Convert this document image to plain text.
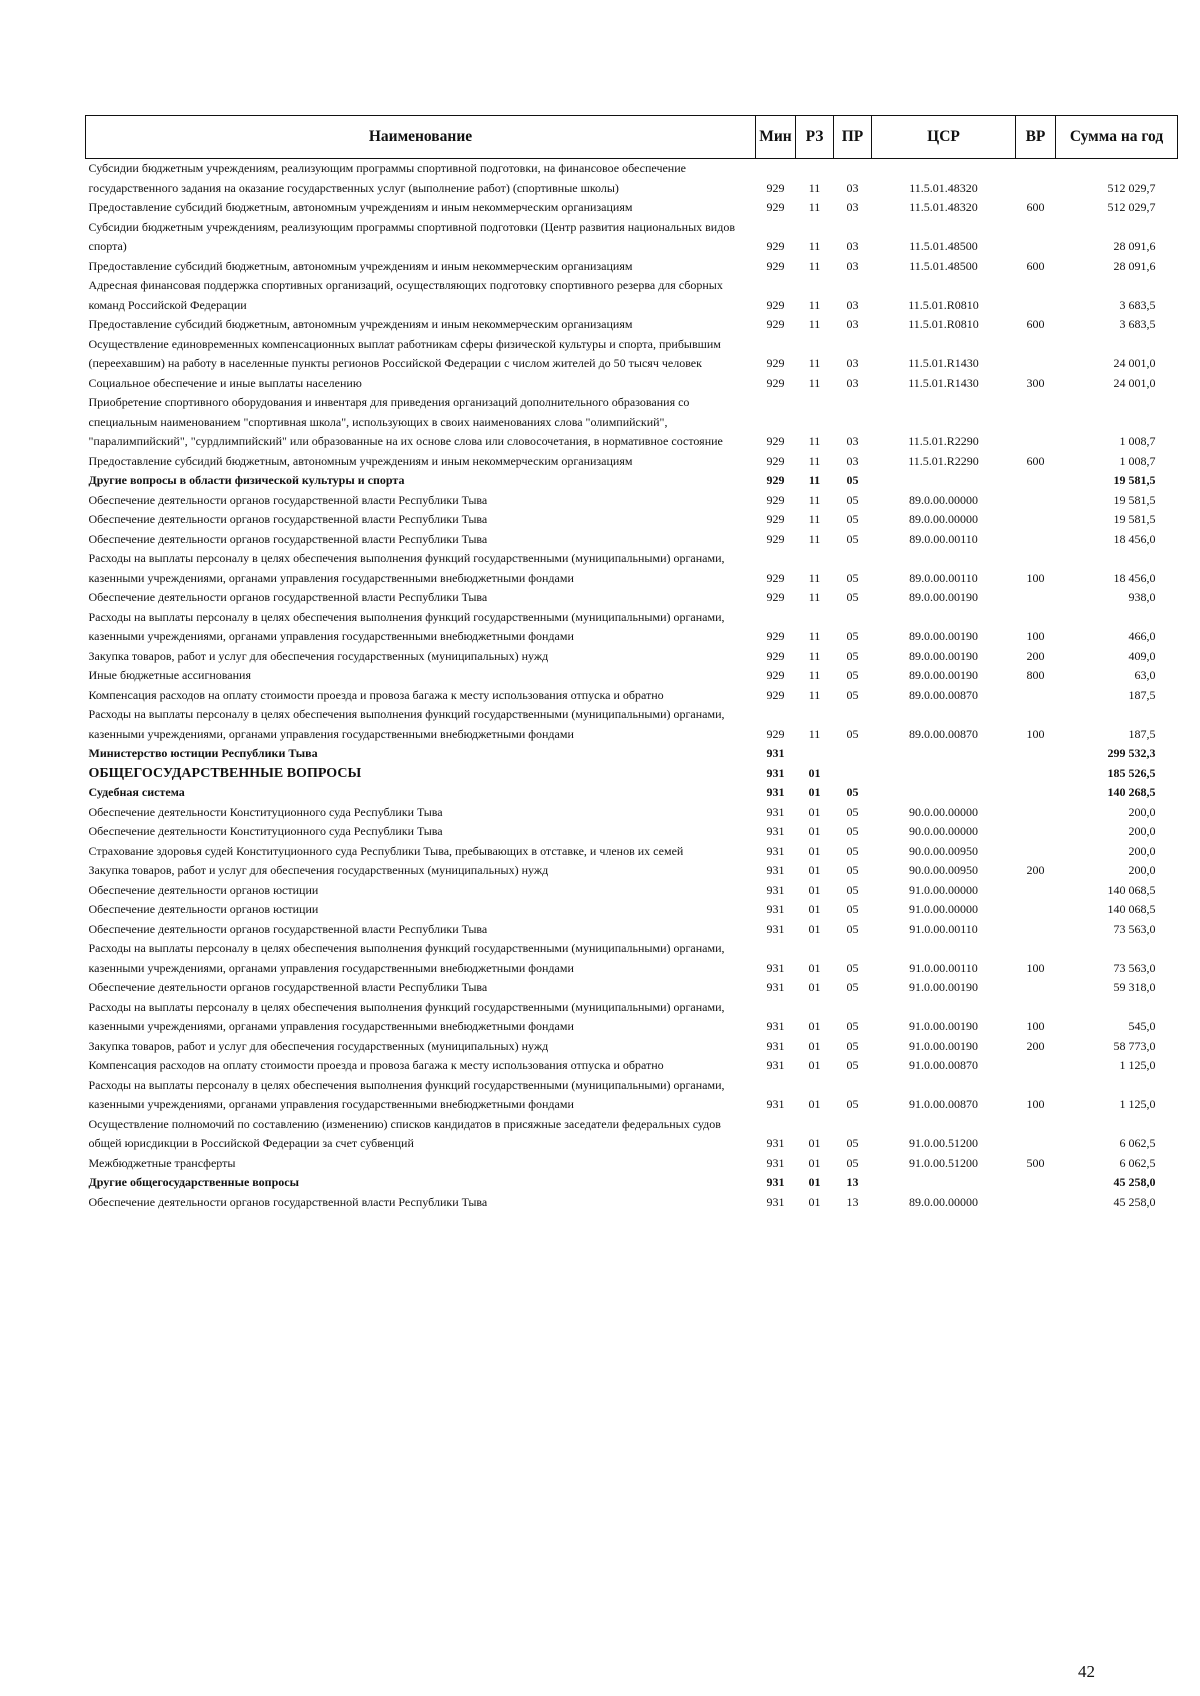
Наименование	Мин	РЗ	ПР	ЦСР	ВР	Сумма на год
Субсидии бюджетным учреждениям, реализующим программы спортивной подготовки, на финансовое обеспечение государственного задания на оказание государственных услуг (выполнение работ) (спортивные школы)	929	11	03	11.5.01.48320		512 029,7
Предоставление субсидий бюджетным, автономным учреждениям и иным некоммерческим организациям	929	11	03	11.5.01.48320	600	512 029,7
Субсидии бюджетным учреждениям, реализующим программы спортивной подготовки (Центр развития национальных видов спорта)	929	11	03	11.5.01.48500		28 091,6
Предоставление субсидий бюджетным, автономным учреждениям и иным некоммерческим организациям	929	11	03	11.5.01.48500	600	28 091,6
Адресная финансовая поддержка спортивных организаций, осуществляющих подготовку спортивного резерва для сборных команд Российской Федерации	929	11	03	11.5.01.R0810		3 683,5
Предоставление субсидий бюджетным, автономным учреждениям и иным некоммерческим организациям	929	11	03	11.5.01.R0810	600	3 683,5
Осуществление единовременных компенсационных выплат работникам сферы физической культуры и спорта, прибывшим (переехавшим) на работу в населенные пункты регионов Российской Федерации с числом жителей до 50 тысяч человек	929	11	03	11.5.01.R1430		24 001,0
Социальное обеспечение и иные выплаты населению	929	11	03	11.5.01.R1430	300	24 001,0
Приобретение спортивного оборудования и инвентаря для приведения организаций дополнительного образования со специальным наименованием "спортивная школа", использующих в своих наименованиях слова "олимпийский", "паралимпийский", "сурдлимпийский" или образованные на их основе слова или словосочетания, в нормативное состояние	929	11	03	11.5.01.R2290		1 008,7
Предоставление субсидий бюджетным, автономным учреждениям и иным некоммерческим организациям	929	11	03	11.5.01.R2290	600	1 008,7
Другие вопросы в области физической культуры и спорта	929	11	05			19 581,5
Обеспечение деятельности органов государственной власти Республики Тыва	929	11	05	89.0.00.00000		19 581,5
Обеспечение деятельности органов государственной власти Республики Тыва	929	11	05	89.0.00.00000		19 581,5
Обеспечение деятельности органов государственной власти Республики Тыва	929	11	05	89.0.00.00110		18 456,0
Расходы на выплаты персоналу в целях обеспечения выполнения функций государственными (муниципальными) органами, казенными учреждениями, органами управления государственными внебюджетными фондами	929	11	05	89.0.00.00110	100	18 456,0
Обеспечение деятельности органов государственной власти Республики Тыва	929	11	05	89.0.00.00190		938,0
Расходы на выплаты персоналу в целях обеспечения выполнения функций государственными (муниципальными) органами, казенными учреждениями, органами управления государственными внебюджетными фондами	929	11	05	89.0.00.00190	100	466,0
Закупка товаров, работ и услуг для обеспечения государственных (муниципальных) нужд	929	11	05	89.0.00.00190	200	409,0
Иные бюджетные ассигнования	929	11	05	89.0.00.00190	800	63,0
Компенсация расходов на оплату стоимости проезда и провоза багажа к месту использования отпуска и обратно	929	11	05	89.0.00.00870		187,5
Расходы на выплаты персоналу в целях обеспечения выполнения функций государственными (муниципальными) органами, казенными учреждениями, органами управления государственными внебюджетными фондами	929	11	05	89.0.00.00870	100	187,5
Министерство юстиции Республики Тыва	931					299 532,3
ОБЩЕГОСУДАРСТВЕННЫЕ ВОПРОСЫ	931	01				185 526,5
Судебная система	931	01	05			140 268,5
Обеспечение деятельности Конституционного суда Республики Тыва	931	01	05	90.0.00.00000		200,0
Обеспечение деятельности Конституционного суда Республики Тыва	931	01	05	90.0.00.00000		200,0
Страхование здоровья судей Конституционного суда Республики Тыва, пребывающих в отставке, и членов их семей	931	01	05	90.0.00.00950		200,0
Закупка товаров, работ и услуг для обеспечения государственных (муниципальных) нужд	931	01	05	90.0.00.00950	200	200,0
Обеспечение деятельности органов юстиции	931	01	05	91.0.00.00000		140 068,5
Обеспечение деятельности органов юстиции	931	01	05	91.0.00.00000		140 068,5
Обеспечение деятельности органов государственной власти Республики Тыва	931	01	05	91.0.00.00110		73 563,0
Расходы на выплаты персоналу в целях обеспечения выполнения функций государственными (муниципальными) органами, казенными учреждениями, органами управления государственными внебюджетными фондами	931	01	05	91.0.00.00110	100	73 563,0
Обеспечение деятельности органов государственной власти Республики Тыва	931	01	05	91.0.00.00190		59 318,0
Расходы на выплаты персоналу в целях обеспечения выполнения функций государственными (муниципальными) органами, казенными учреждениями, органами управления государственными внебюджетными фондами	931	01	05	91.0.00.00190	100	545,0
Закупка товаров, работ и услуг для обеспечения государственных (муниципальных) нужд	931	01	05	91.0.00.00190	200	58 773,0
Компенсация расходов на оплату стоимости проезда и провоза багажа к месту использования отпуска и обратно	931	01	05	91.0.00.00870		1 125,0
Расходы на выплаты персоналу в целях обеспечения выполнения функций государственными (муниципальными) органами, казенными учреждениями, органами управления государственными внебюджетными фондами	931	01	05	91.0.00.00870	100	1 125,0
Осуществление полномочий по составлению (изменению) списков кандидатов в присяжные заседатели федеральных судов общей юрисдикции в Российской Федерации за счет субвенций	931	01	05	91.0.00.51200		6 062,5
Межбюджетные трансферты	931	01	05	91.0.00.51200	500	6 062,5
Другие общегосударственные вопросы	931	01	13			45 258,0
Обеспечение деятельности органов государственной власти Республики Тыва	931	01	13	89.0.00.00000		45 258,0
42
